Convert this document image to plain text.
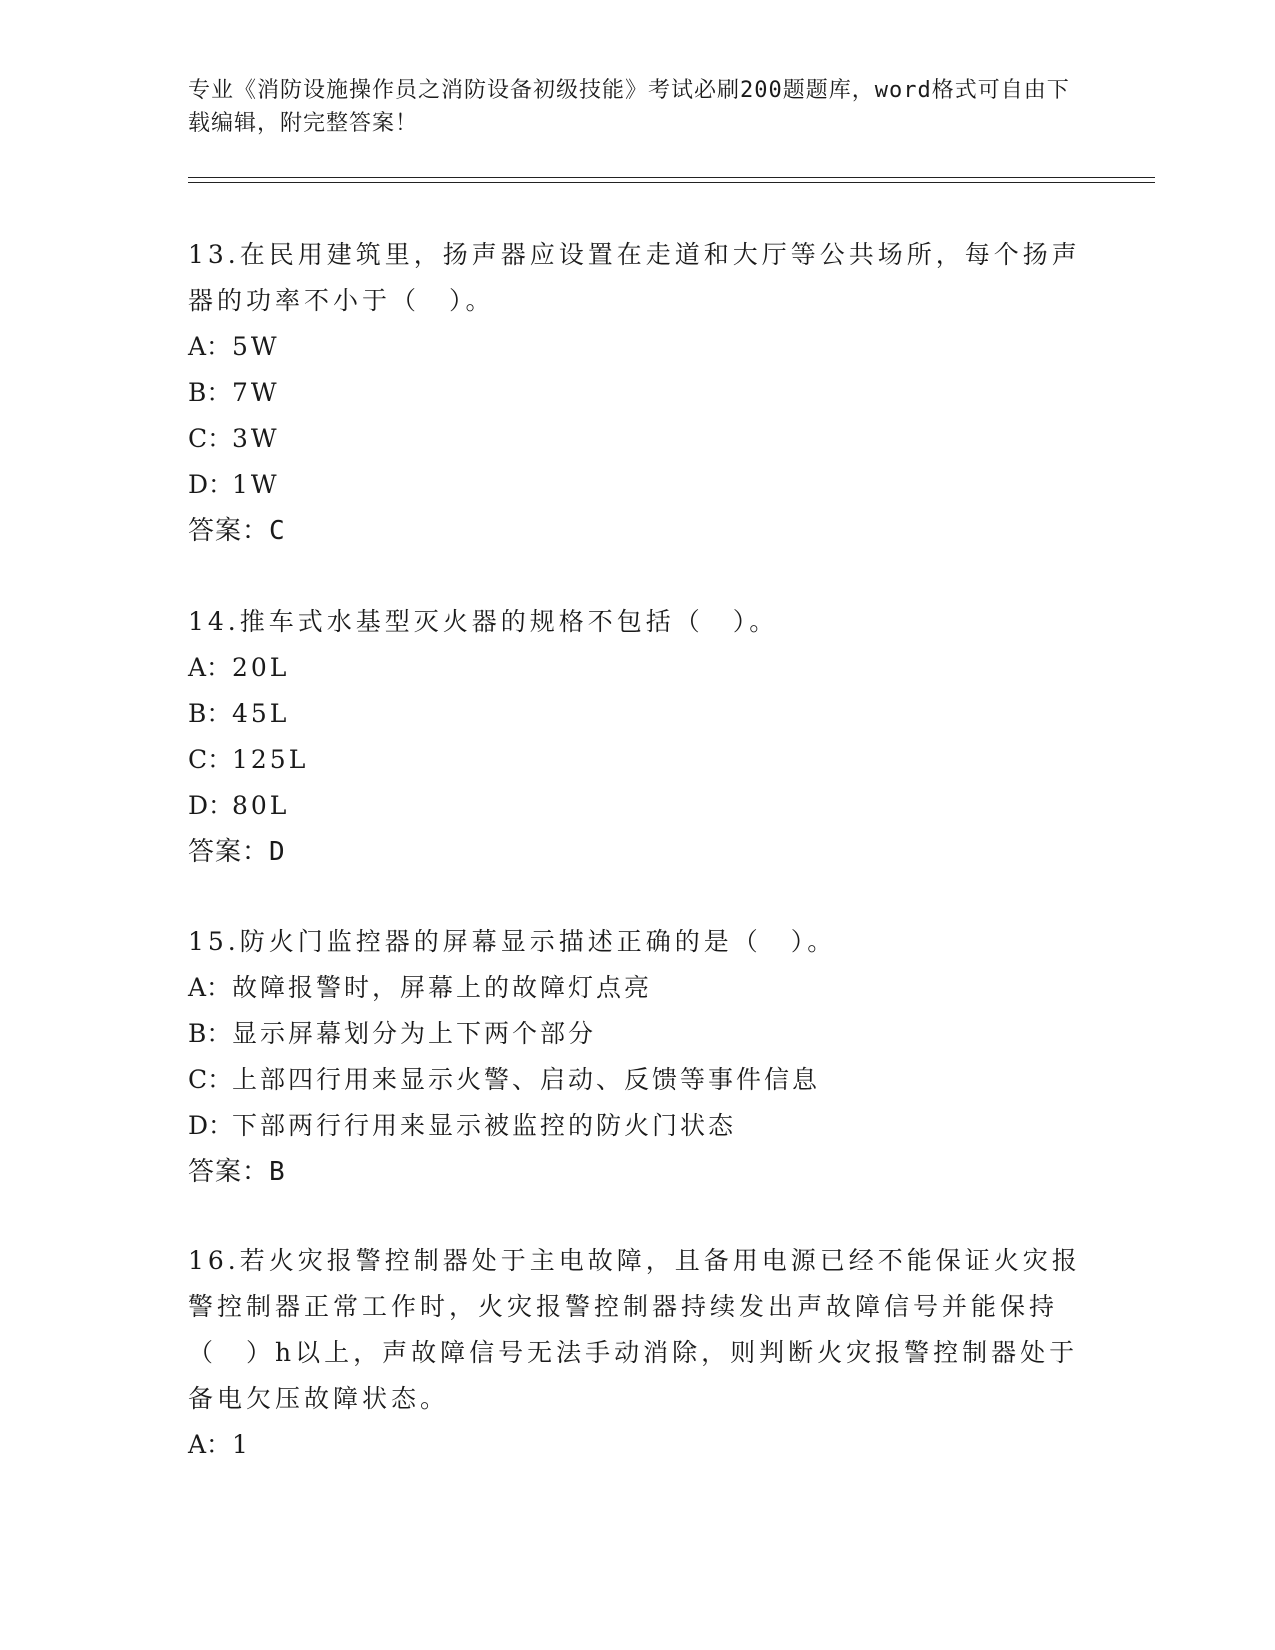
专业《消防设施操作员之消防设备初级技能》考试必刷200题题库，word格式可自由下载编辑，附完整答案！

13.在民用建筑里，扬声器应设置在走道和大厅等公共场所，每个扬声器的功率不小于（　）。

A：5W

B：7W

C：3W

D：1W

答案：C

14.推车式水基型灭火器的规格不包括（　）。

A：20L

B：45L

C：125L

D：80L

答案：D

15.防火门监控器的屏幕显示描述正确的是（　）。

A：故障报警时，屏幕上的故障灯点亮

B：显示屏幕划分为上下两个部分

C：上部四行用来显示火警、启动、反馈等事件信息

D：下部两行行用来显示被监控的防火门状态

答案：B

16.若火灾报警控制器处于主电故障，且备用电源已经不能保证火灾报警控制器正常工作时，火灾报警控制器持续发出声故障信号并能保持（　）h以上，声故障信号无法手动消除，则判断火灾报警控制器处于备电欠压故障状态。

A：1
